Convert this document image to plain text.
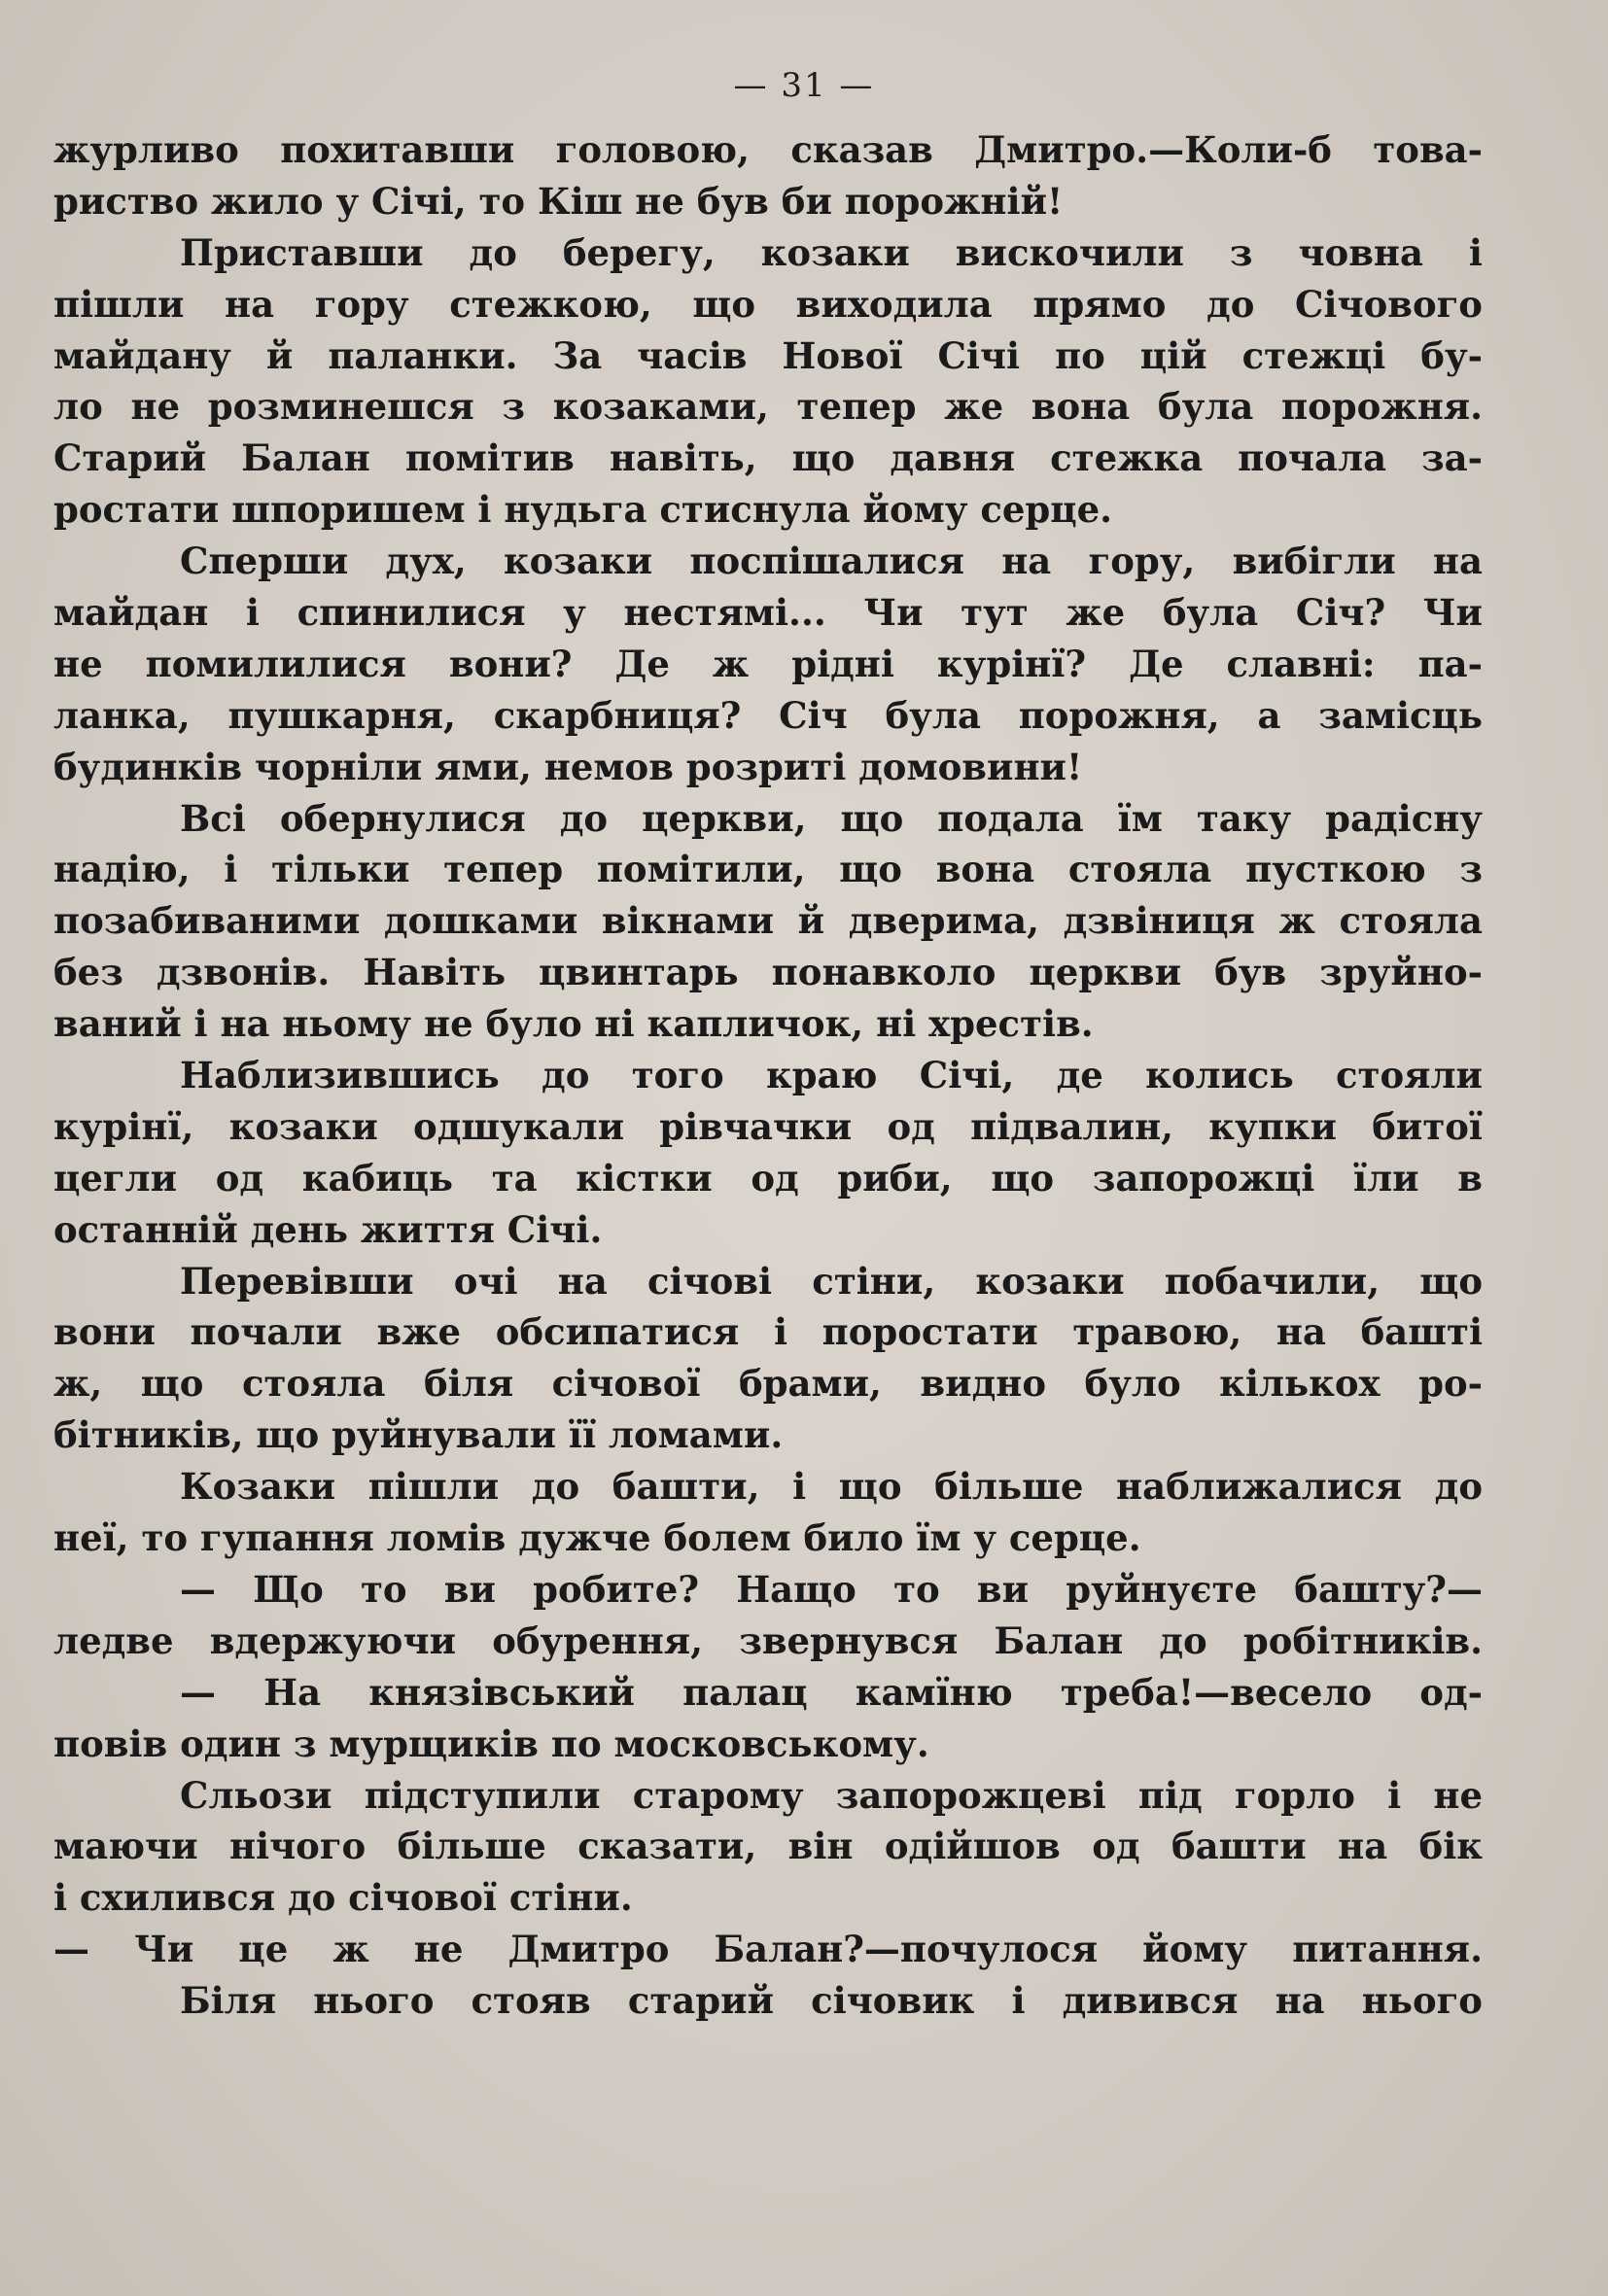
— 31 —
журливо похитавши головою, сказав Дмитро.—Коли-б това-
риство жило у Січі, то Кіш не був би порожній!
Приставши до берегу, козаки вискочили з човна і
пішли на гору стежкою, що виходила прямо до Січового
майдану й паланки. За часів Нової Січі по цій стежці бу-
ло не розминешся з козаками, тепер же вона була порожня.
Старий Балан помітив навіть, що давня стежка почала за-
ростати шпоришем і нудьга стиснула йому серце.
Сперши дух, козаки поспішалися на гору, вибігли на
майдан і спинилися у нестямі... Чи тут же була Січ? Чи
не помилилися вони? Де ж рідні курінї? Де славні: па-
ланка, пушкарня, скарбниця? Січ була порожня, а замісць
будинків чорніли ями, немов розриті домовини!
Всі обернулися до церкви, що подала їм таку радісну
надію, і тільки тепер помітили, що вона стояла пусткою з
позабиваними дошками вікнами й дверима, дзвіниця ж стояла
без дзвонів. Навіть цвинтарь понавколо церкви був зруйно-
ваний і на ньому не було ні капличок, ні хрестів.
Наблизившись до того краю Січі, де колись стояли
курінї, козаки одшукали рівчачки од підвалин, купки битої
цегли од кабиць та кістки од риби, що запорожці їли в
останній день життя Січі.
Перевівши очі на січові стіни, козаки побачили, що
вони почали вже обсипатися і поростати травою, на башті
ж, що стояла біля січової брами, видно було кількох ро-
бітників, що руйнували її ломами.
Козаки пішли до башти, і що більше наближалися до
неї, то гупання ломів дужче болем било їм у серце.
— Що то ви робите? Нащо то ви руйнуєте башту?—
ледве вдержуючи обурення, звернувся Балан до робітників.
— На князівський палац камїню треба!—весело од-
повів один з мурщиків по московському.
Сльози підступили старому запорожцеві під горло і не
маючи нічого більше сказати, він одійшов од башти на бік
і схилився до січової стіни.
— Чи це ж не Дмитро Балан?—почулося йому питання.
Біля нього стояв старий січовик і дивився на нього
